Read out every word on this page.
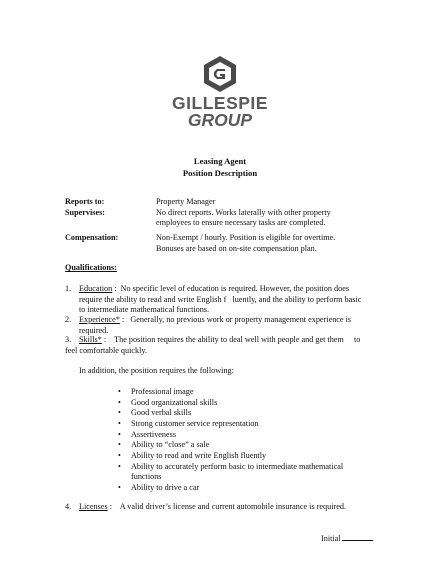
GILLESPIE
GROUP
Leasing Agent
Position Description
Reports to:	Property Manager
Supervises:	No direct reports. Works laterally with other property
employees to ensure necessary tasks are completed.
Compensation:	Non-Exempt / hourly. Position is eligible for overtime.
Bonuses are based on on-site compensation plan.
Qualifications:
1. Education :  No specific level of education is required. However, the position does
require the ability to read and write English f   luently, and the ability to perform basic
to intermediate mathematical functions.
2. Experience* :   Generally, no previous work or property management experience is
required.
3. Skills* :    The position requires the ability to deal well with people and get them     to
feel comfortable quickly.
In addition, the position requires the following:
• Professional image
• Good organizational skills
• Good verbal skills
• Strong customer service representation
• Assertiveness
• Ability to “close” a sale
• Ability to read and write English fluently
• Ability to accurately perform basic to intermediate mathematical
functions
• Ability to drive a car
4. Licenses :    A valid driver’s license and current automobile insurance is required.
Initial
